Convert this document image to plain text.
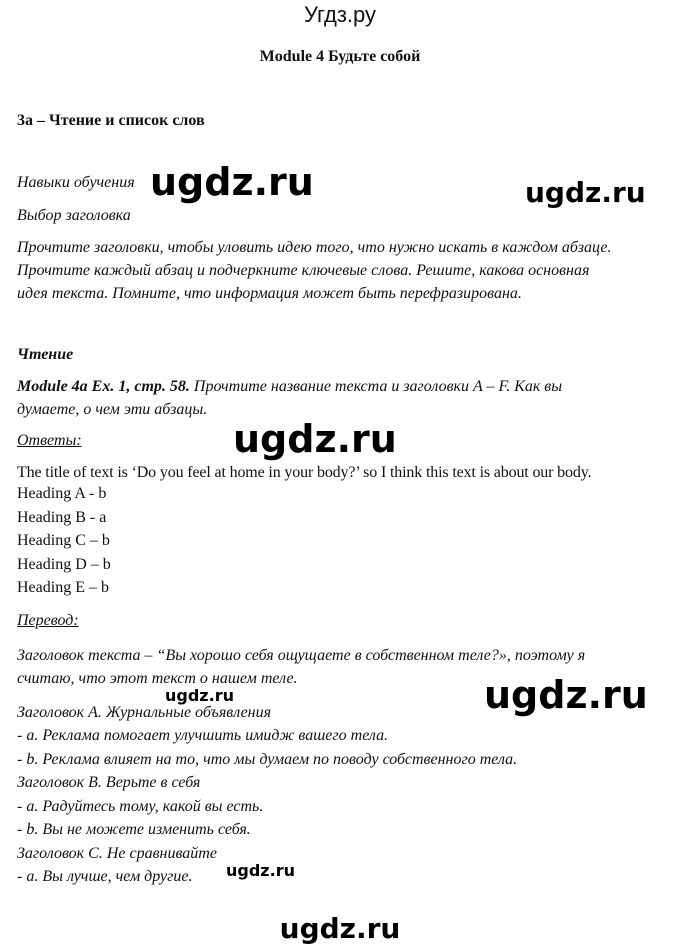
Угдз.ру
Module 4 Будьте собой
3a – Чтение и список слов
Навыки обучения ugdz.ru	ugdz.ru
Выбор заголовка
Прочтите заголовки, чтобы уловить идею того, что нужно искать в каждом абзаце.
Прочтите каждый абзац и подчеркните ключевые слова. Решите, какова основная
идея текста. Помните, что информация может быть перефразирована.
Чтение
Module 4a Ex. 1, стр. 58. Прочтите название текста и заголовки A – F. Как вы
думаете, о чем эти абзацы.
Ответы:	ugdz.ru
The title of text is ‘Do you feel at home in your body?’ so I think this text is about our body.
Heading A - b
Heading B - a
Heading C – b
Heading D – b
Heading E – b
Перевод:
Заголовок текста – “Вы хорошо себя ощущаете в собственном теле?», поэтому я
считаю, что этот текст о нашем теле.
ugdz.ru	ugdz.ru
Заголовок А. Журнальные объявления
- a. Реклама помогает улучшить имидж вашего тела.
- b. Реклама влияет на то, что мы думаем по поводу собственного тела.
Заголовок В. Верьте в себя
- a. Радуйтесь тому, какой вы есть.
- b. Вы не можете изменить себя.
Заголовок С. Не сравнивайте
ugdz.ru
- a. Вы лучше, чем другие.
ugdz.ru
